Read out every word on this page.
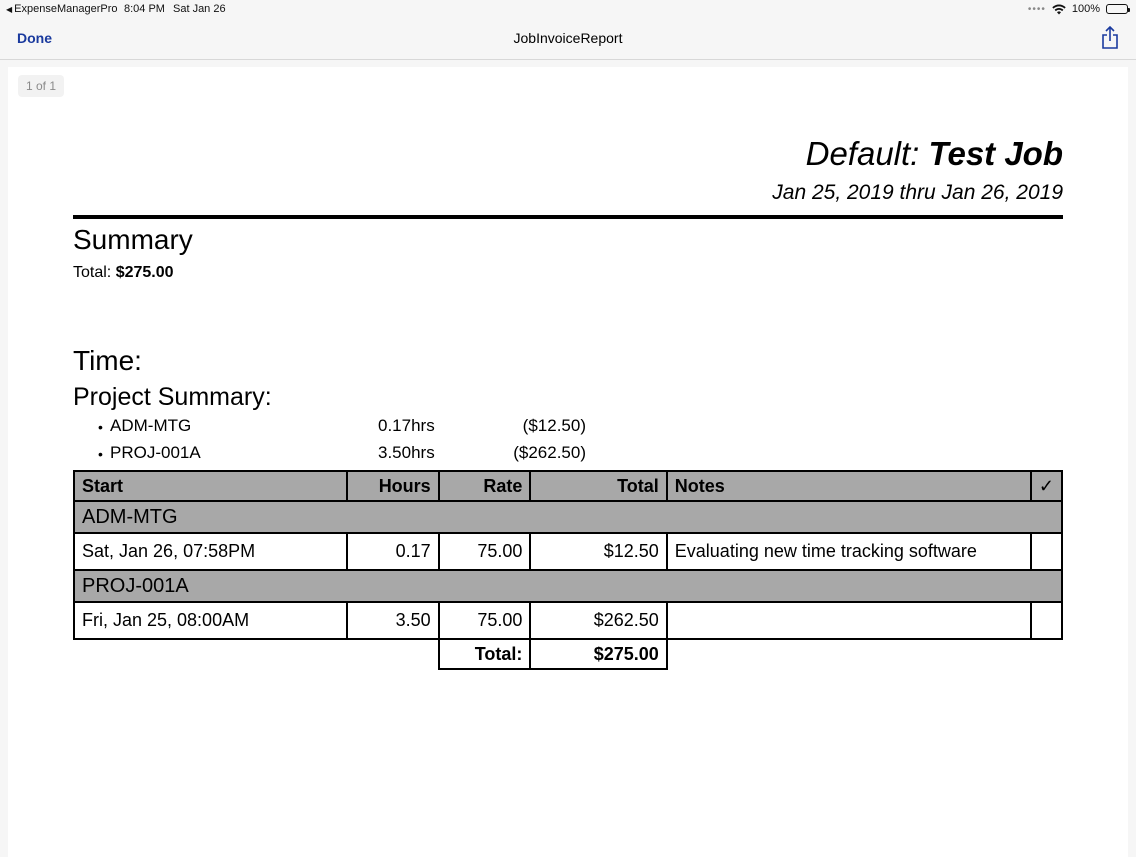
◀ ExpenseManagerPro 8:04 PM Sat Jan 26	•••• 100%
Done	JobInvoiceReport
1 of 1
Default: Test Job
Jan 25, 2019 thru Jan 26, 2019
Summary
Total: $275.00
Time:
Project Summary:
• ADM-MTG	0.17hrs	($12.50)
• PROJ-001A	3.50hrs	($262.50)
Start	Hours	Rate	Total	Notes	✓
ADM-MTG					
Sat, Jan 26, 07:58PM	0.17	75.00	$12.50	Evaluating new time tracking software	
PROJ-001A					
Fri, Jan 25, 08:00AM	3.50	75.00	$262.50		
		Total:	$275.00		
